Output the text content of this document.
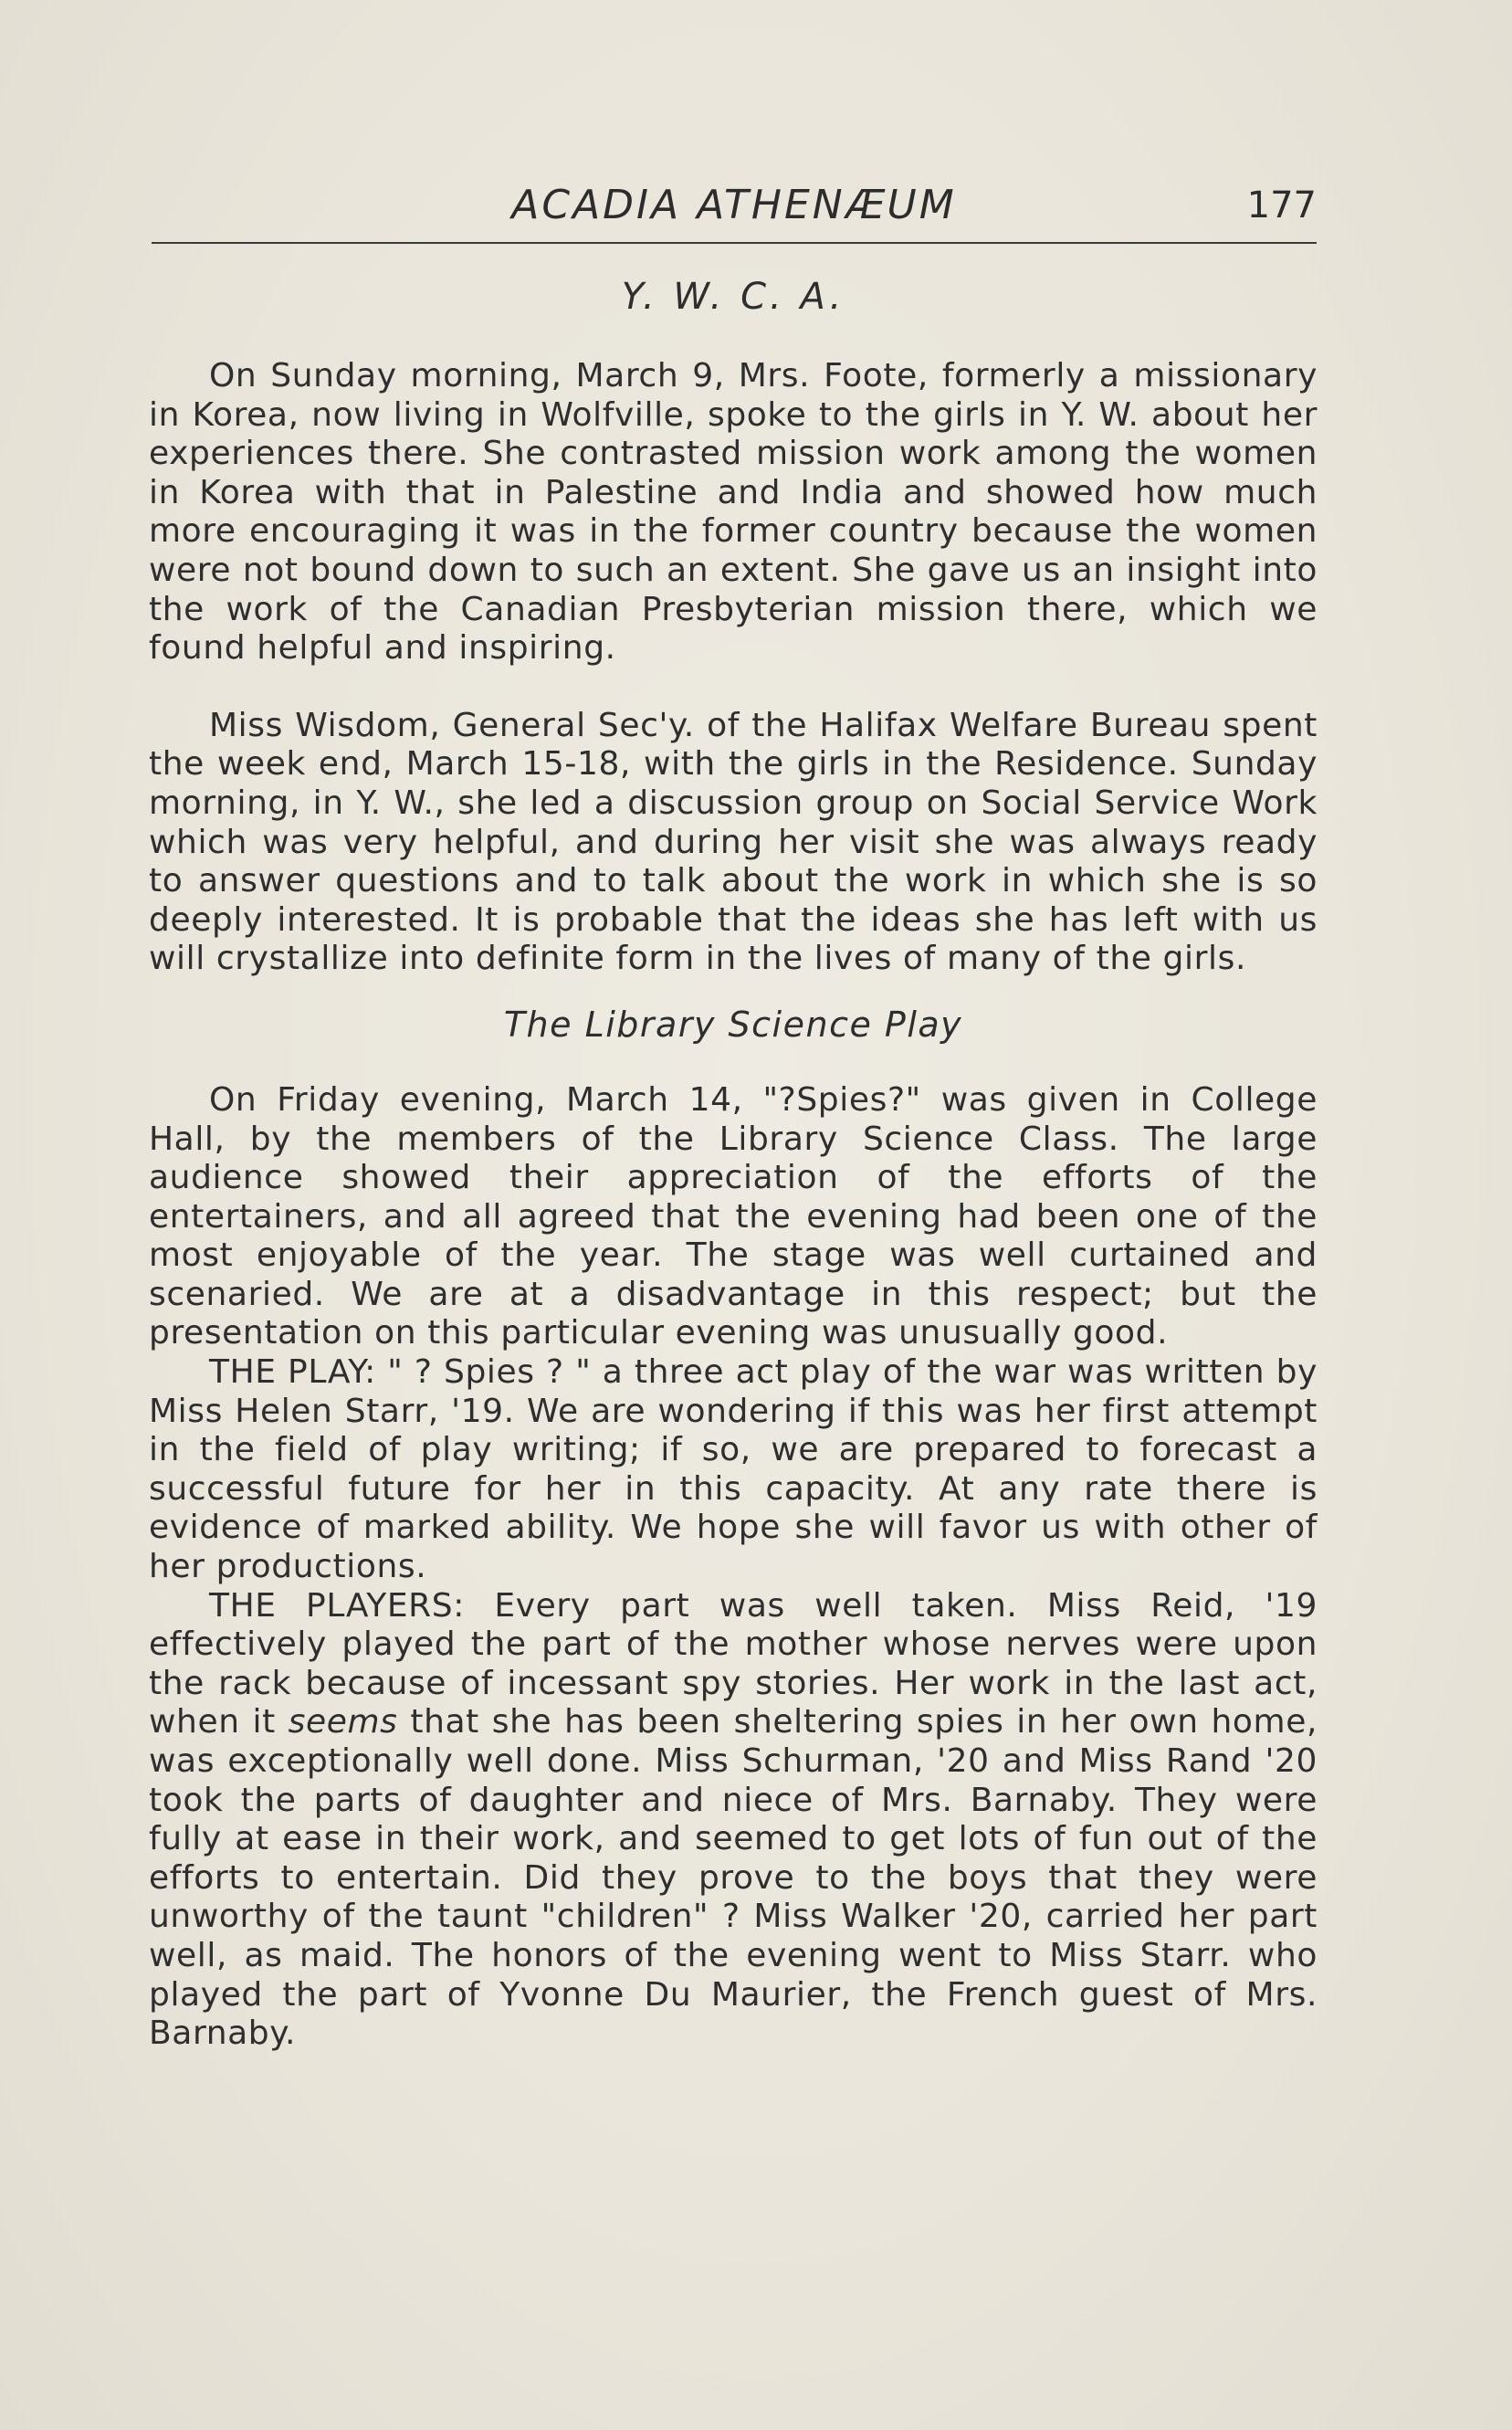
ACADIA ATHENÆUM	177
Y. W. C. A.

On Sunday morning, March 9, Mrs. Foote, formerly a missionary in Korea, now living in Wolfville, spoke to the girls in Y. W. about her experiences there. She contrasted mission work among the women in Korea with that in Palestine and India and showed how much more encouraging it was in the former country because the women were not bound down to such an extent. She gave us an insight into the work of the Canadian Presbyterian mission there, which we found helpful and inspiring.

Miss Wisdom, General Sec'y. of the Halifax Welfare Bureau spent the week end, March 15-18, with the girls in the Residence. Sunday morning, in Y. W., she led a discussion group on Social Service Work which was very helpful, and during her visit she was always ready to answer questions and to talk about the work in which she is so deeply interested. It is probable that the ideas she has left with us will crystallize into definite form in the lives of many of the girls.

The Library Science Play

On Friday evening, March 14, "?Spies?" was given in College Hall, by the members of the Library Science Class. The large audience showed their appreciation of the efforts of the entertainers, and all agreed that the evening had been one of the most enjoyable of the year. The stage was well curtained and scenaried. We are at a disadvantage in this respect; but the presentation on this particular evening was unusually good.

THE PLAY: " ? Spies ? " a three act play of the war was written by Miss Helen Starr, '19. We are wondering if this was her first attempt in the field of play writing; if so, we are prepared to forecast a successful future for her in this capacity. At any rate there is evidence of marked ability. We hope she will favor us with other of her productions.

THE PLAYERS: Every part was well taken. Miss Reid, '19 effectively played the part of the mother whose nerves were upon the rack because of incessant spy stories. Her work in the last act, when it seems that she has been sheltering spies in her own home, was exceptionally well done. Miss Schurman, '20 and Miss Rand '20 took the parts of daughter and niece of Mrs. Barnaby. They were fully at ease in their work, and seemed to get lots of fun out of the efforts to entertain. Did they prove to the boys that they were unworthy of the taunt "children" ? Miss Walker '20, carried her part well, as maid. The honors of the evening went to Miss Starr. who played the part of Yvonne Du Maurier, the French guest of Mrs. Barnaby.
